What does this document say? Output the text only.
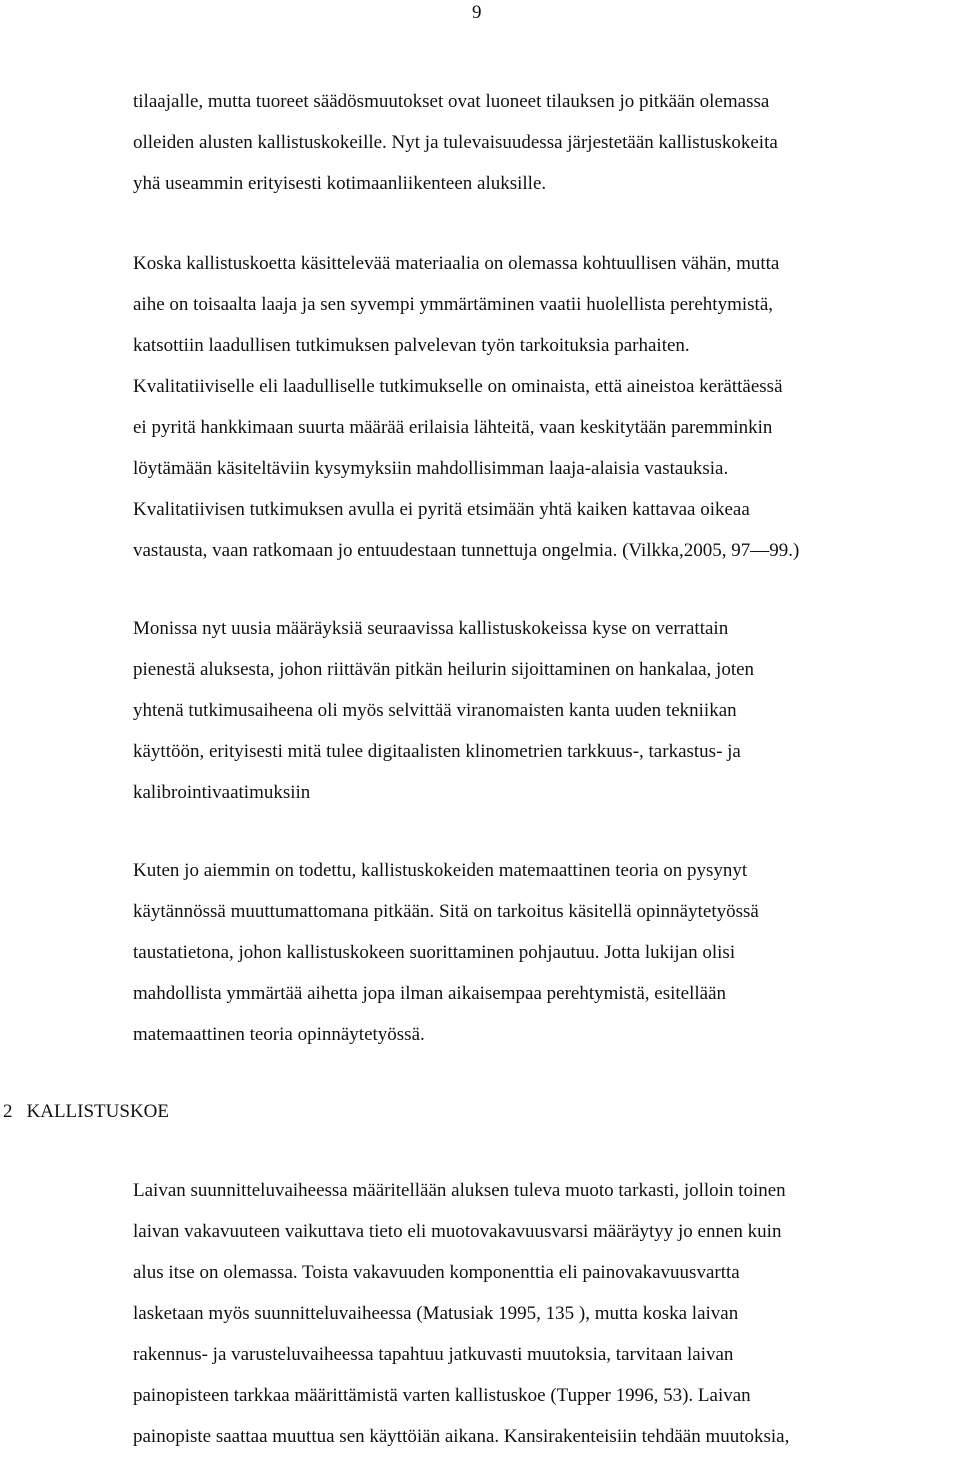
9
tilaajalle, mutta tuoreet säädösmuutokset ovat luoneet tilauksen jo pitkään olemassa
olleiden alusten kallistuskokeille. Nyt ja tulevaisuudessa järjestetään kallistuskokeita
yhä useammin erityisesti kotimaanliikenteen aluksille.
Koska kallistuskoetta käsittelevää materiaalia on olemassa kohtuullisen vähän, mutta
aihe on toisaalta laaja ja sen syvempi ymmärtäminen vaatii huolellista perehtymistä,
katsottiin laadullisen tutkimuksen palvelevan työn tarkoituksia parhaiten.
Kvalitatiiviselle eli laadulliselle tutkimukselle on ominaista, että aineistoa kerättäessä
ei pyritä hankkimaan suurta määrää erilaisia lähteitä, vaan keskitytään paremminkin
löytämään käsiteltäviin kysymyksiin mahdollisimman laaja-alaisia vastauksia.
Kvalitatiivisen tutkimuksen avulla ei pyritä etsimään yhtä kaiken kattavaa oikeaa
vastausta, vaan ratkomaan jo entuudestaan tunnettuja ongelmia. (Vilkka,2005, 97—99.)
Monissa nyt uusia määräyksiä seuraavissa kallistuskokeissa kyse on verrattain
pienestä aluksesta, johon riittävän pitkän heilurin sijoittaminen on hankalaa, joten
yhtenä tutkimusaiheena oli myös selvittää viranomaisten kanta uuden tekniikan
käyttöön, erityisesti mitä tulee digitaalisten klinometrien tarkkuus-, tarkastus- ja
kalibrointivaatimuksiin
Kuten jo aiemmin on todettu, kallistuskokeiden matemaattinen teoria on pysynyt
käytännössä muuttumattomana pitkään. Sitä on tarkoitus käsitellä opinnäytetyössä
taustatietona, johon kallistuskokeen suorittaminen pohjautuu. Jotta lukijan olisi
mahdollista ymmärtää aihetta jopa ilman aikaisempaa perehtymistä, esitellään
matemaattinen teoria opinnäytetyössä.
2 KALLISTUSKOE
Laivan suunnitteluvaiheessa määritellään aluksen tuleva muoto tarkasti, jolloin toinen
laivan vakavuuteen vaikuttava tieto eli muotovakavuusvarsi määräytyy jo ennen kuin
alus itse on olemassa. Toista vakavuuden komponenttia eli painovakavuusvartta
lasketaan myös suunnitteluvaiheessa (Matusiak 1995, 135 ), mutta koska laivan
rakennus- ja varusteluvaiheessa tapahtuu jatkuvasti muutoksia, tarvitaan laivan
painopisteen tarkkaa määrittämistä varten kallistuskoe (Tupper 1996, 53). Laivan
painopiste saattaa muuttua sen käyttöiän aikana. Kansirakenteisiin tehdään muutoksia,
